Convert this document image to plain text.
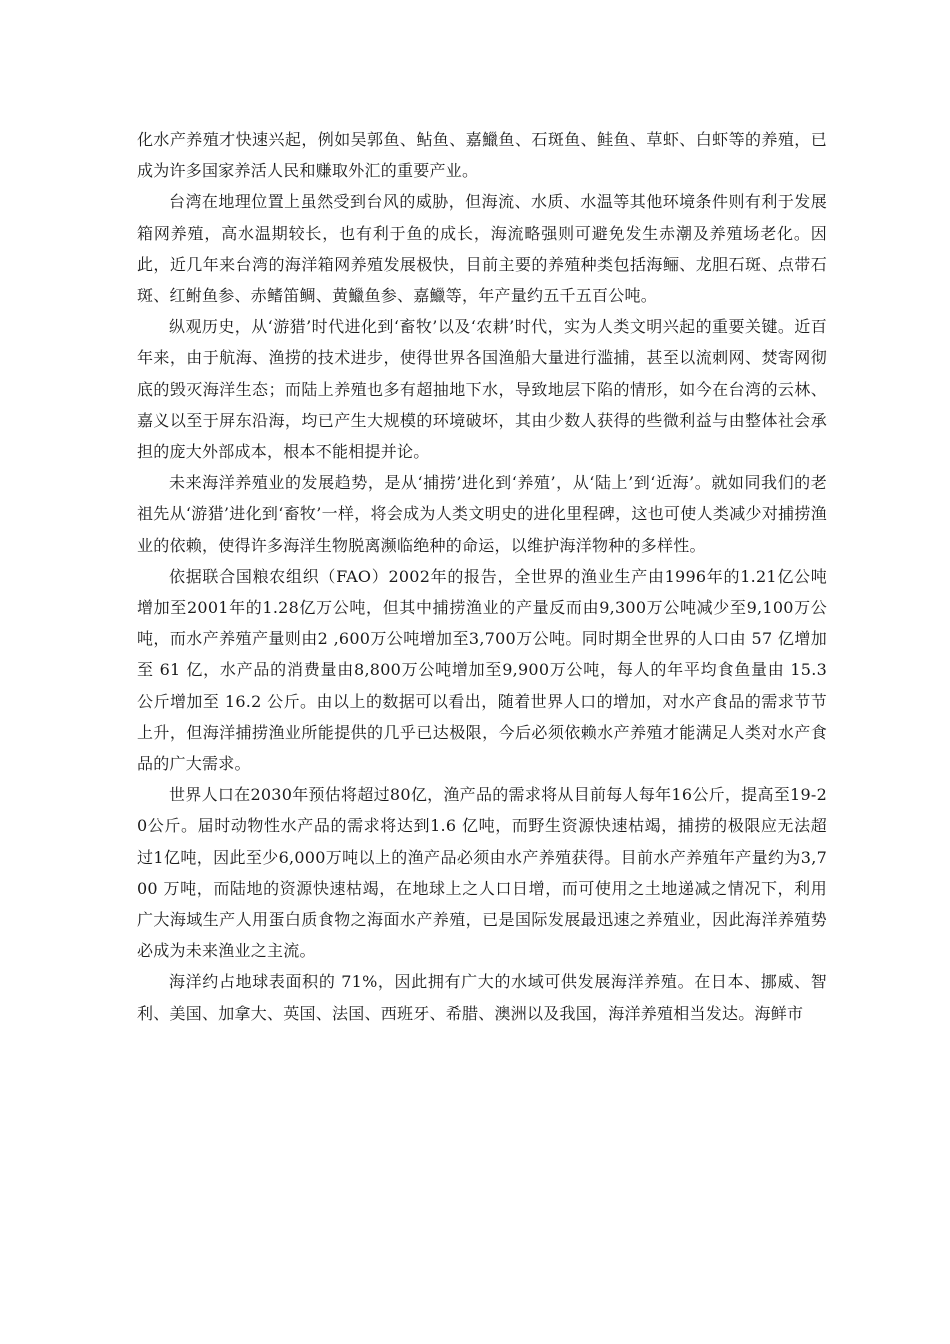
化水产养殖才快速兴起，例如吴郭鱼、鲇鱼、嘉鱲鱼、石斑鱼、鲑鱼、草虾、白虾等的养殖，已成为许多国家养活人民和赚取外汇的重要产业。

台湾在地理位置上虽然受到台风的威胁，但海流、水质、水温等其他环境条件则有利于发展箱网养殖，高水温期较长，也有利于鱼的成长，海流略强则可避免发生赤潮及养殖场老化。因此，近几年来台湾的海洋箱网养殖发展极快，目前主要的养殖种类包括海鲡、龙胆石斑、点带石斑、红鲋鱼参、赤鳍笛鲷、黄鱲鱼参、嘉鱲等，年产量约五千五百公吨。

纵观历史，从‘游猎’时代进化到‘畜牧’以及‘农耕’时代，实为人类文明兴起的重要关键。近百年来，由于航海、渔捞的技术进步，使得世界各国渔船大量进行滥捕，甚至以流刺网、焚寄网彻底的毁灭海洋生态；而陆上养殖也多有超抽地下水，导致地层下陷的情形，如今在台湾的云林、嘉义以至于屏东沿海，均已产生大规模的环境破坏，其由少数人获得的些微利益与由整体社会承担的庞大外部成本，根本不能相提并论。

未来海洋养殖业的发展趋势，是从‘捕捞’进化到‘养殖’，从‘陆上’到‘近海’。就如同我们的老祖先从‘游猎’进化到‘畜牧’一样，将会成为人类文明史的进化里程碑，这也可使人类减少对捕捞渔业的依赖，使得许多海洋生物脱离濒临绝种的命运，以维护海洋物种的多样性。

依据联合国粮农组织（FAO）2002年的报告，全世界的渔业生产由1996年的1.21亿公吨增加至2001年的1.28亿万公吨，但其中捕捞渔业的产量反而由9,300万公吨减少至9,100万公吨，而水产养殖产量则由2 ,600万公吨增加至3,700万公吨。同时期全世界的人口由 57 亿增加至 61 亿，水产品的消费量由8,800万公吨增加至9,900万公吨，每人的年平均食鱼量由 15.3 公斤增加至 16.2 公斤。由以上的数据可以看出，随着世界人口的增加，对水产食品的需求节节上升，但海洋捕捞渔业所能提供的几乎已达极限，今后必须依赖水产养殖才能满足人类对水产食品的广大需求。

世界人口在2030年预估将超过80亿，渔产品的需求将从目前每人每年16公斤，提高至19-20公斤。届时动物性水产品的需求将达到1.6 亿吨，而野生资源快速枯竭，捕捞的极限应无法超过1亿吨，因此至少6,000万吨以上的渔产品必须由水产养殖获得。目前水产养殖年产量约为3,700 万吨，而陆地的资源快速枯竭，在地球上之人口日增，而可使用之土地递减之情况下，利用广大海域生产人用蛋白质食物之海面水产养殖，已是国际发展最迅速之养殖业，因此海洋养殖势必成为未来渔业之主流。

海洋约占地球表面积的 71%，因此拥有广大的水域可供发展海洋养殖。在日本、挪威、智利、美国、加拿大、英国、法国、西班牙、希腊、澳洲以及我国，海洋养殖相当发达。海鲜市
